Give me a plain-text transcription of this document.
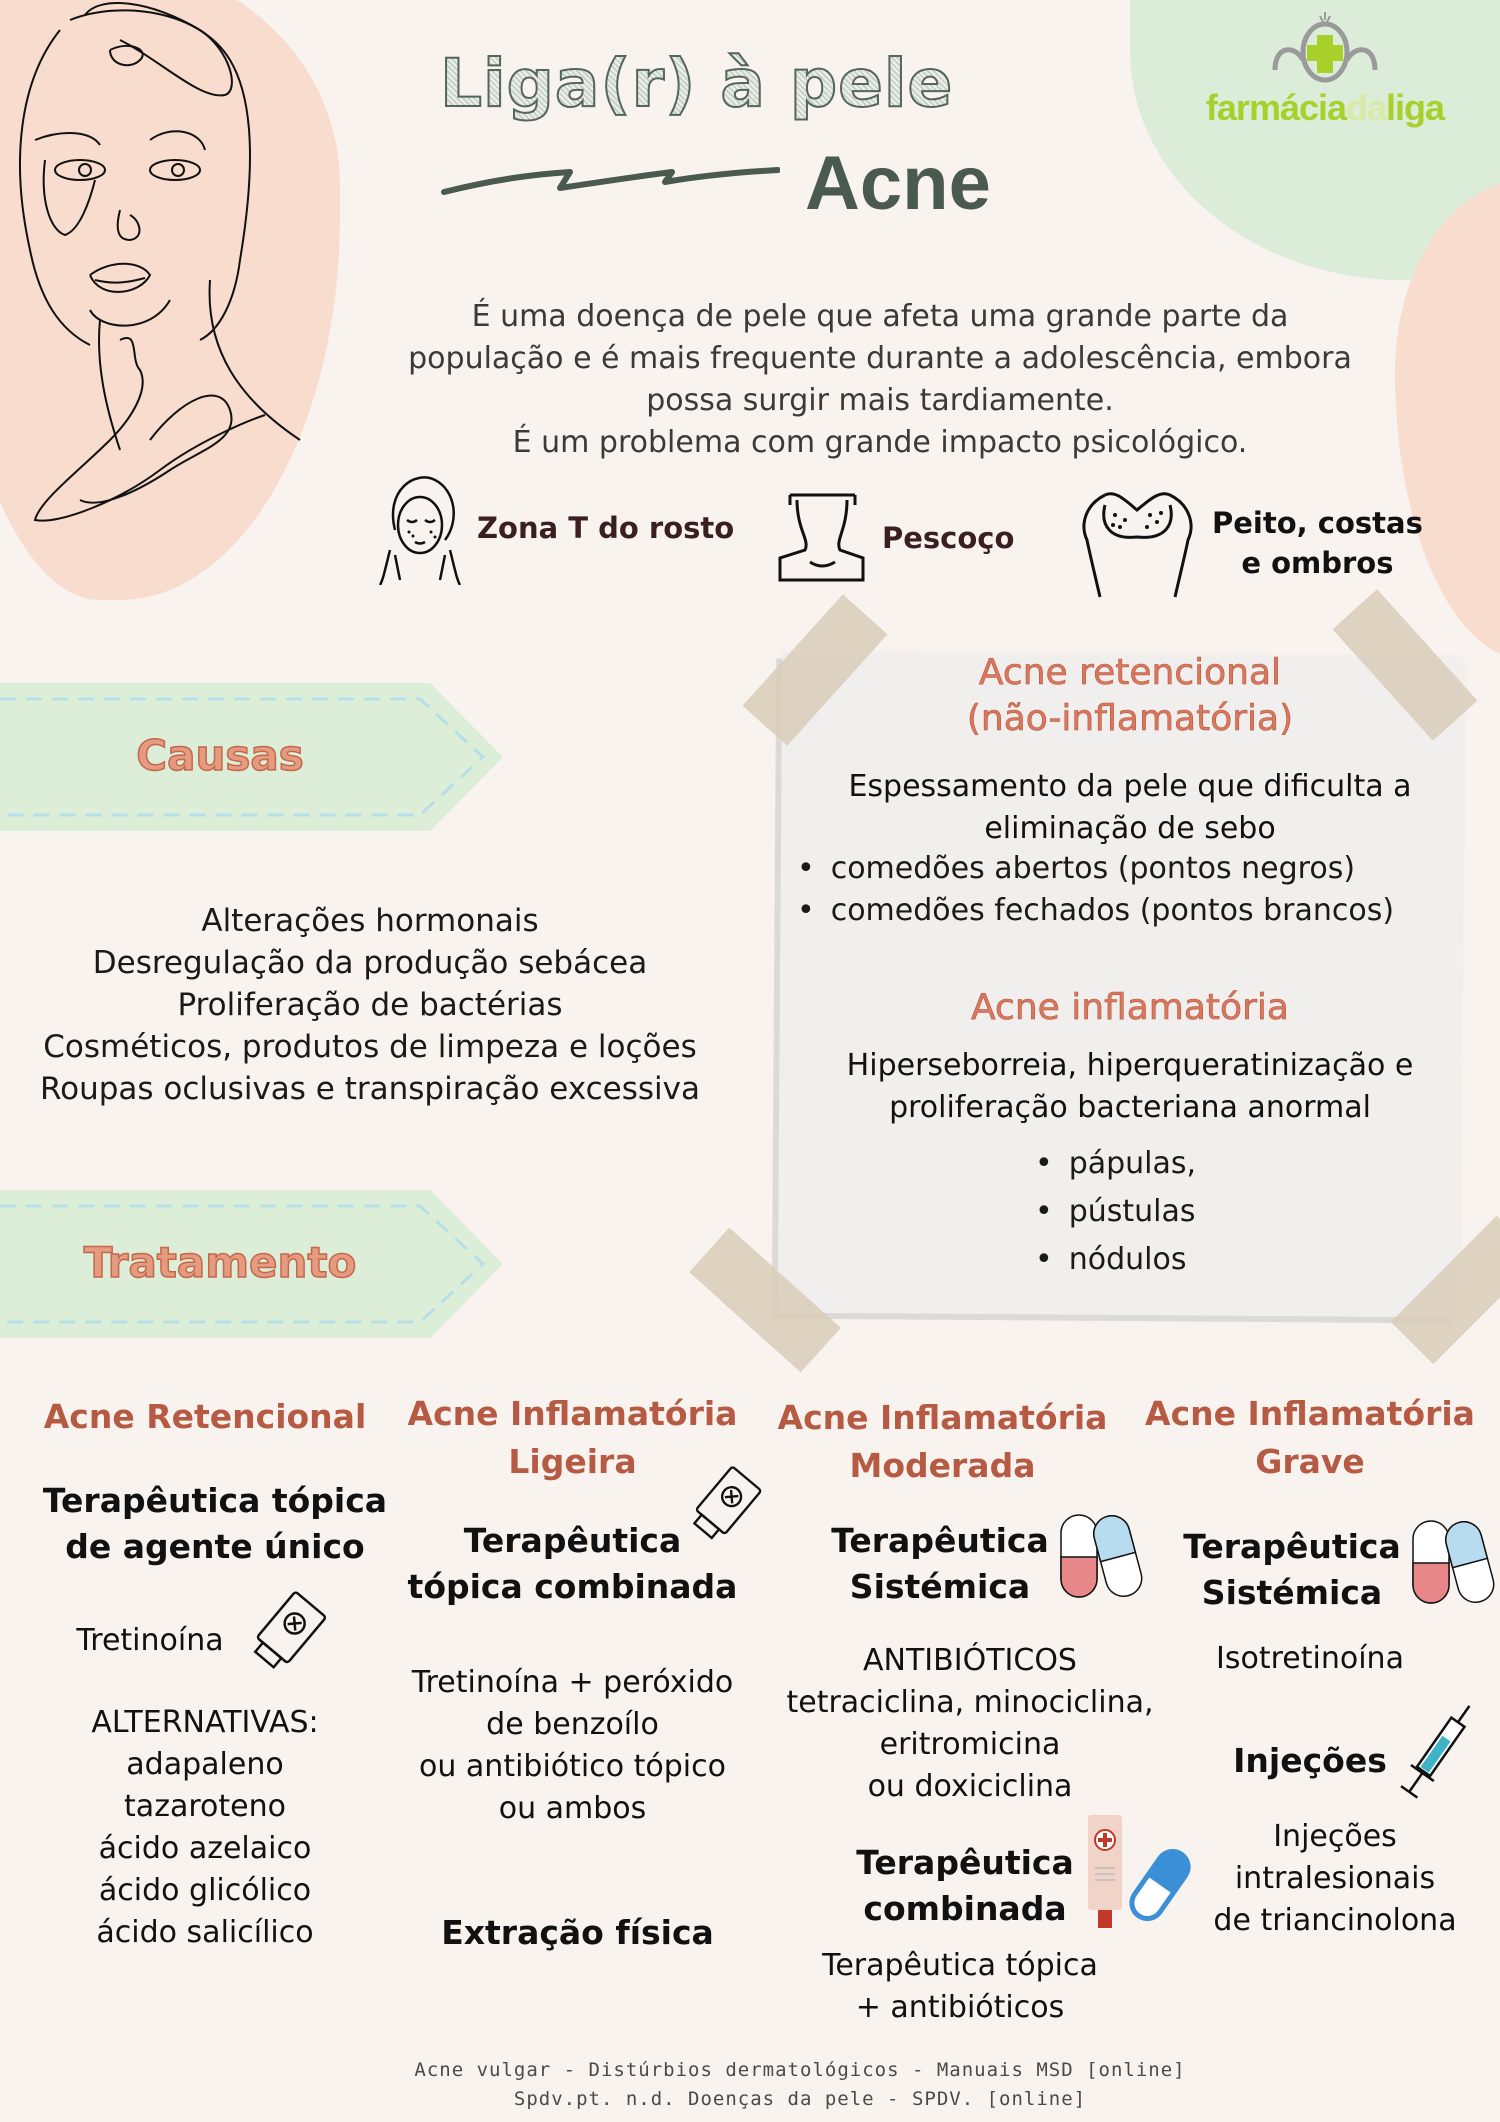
Liga(r) à pele
Acne
farmáciadaliga
É uma doença de pele que afeta uma grande parte da
população e é mais frequente durante a adolescência, embora
possa surgir mais tardiamente.
É um problema com grande impacto psicológico.
Zona T do rosto	Pescoço	Peito, costas
e ombros
Causas
Alterações hormonais
Desregulação da produção sebácea
Proliferação de bactérias
Cosméticos, produtos de limpeza e loções
Roupas oclusivas e transpiração excessiva
Acne retencional
(não-inflamatória)
Espessamento da pele que dificulta a
eliminação de sebo
• comedões abertos (pontos negros)
• comedões fechados (pontos brancos)
Acne inflamatória
Hiperseborreia, hiperqueratinização e
proliferação bacteriana anormal
• pápulas,
• pústulas
• nódulos
Tratamento
Acne Retencional
Terapêutica tópica
de agente único
Tretinoína
ALTERNATIVAS:
adapaleno
tazaroteno
ácido azelaico
ácido glicólico
ácido salicílico
Acne Inflamatória
Ligeira
Terapêutica
tópica combinada
Tretinoína + peróxido
de benzoílo
ou antibiótico tópico
ou ambos
Extração física
Acne Inflamatória
Moderada
Terapêutica
Sistémica
ANTIBIÓTICOS
tetraciclina, minociclina,
eritromicina
ou doxiciclina
Terapêutica
combinada
Terapêutica tópica
+ antibióticos
Acne Inflamatória
Grave
Terapêutica
Sistémica
Isotretinoína
Injeções
Injeções
intralesionais
de triancinolona
Acne vulgar - Distúrbios dermatológicos - Manuais MSD [online]
Spdv.pt. n.d. Doenças da pele - SPDV. [online]
